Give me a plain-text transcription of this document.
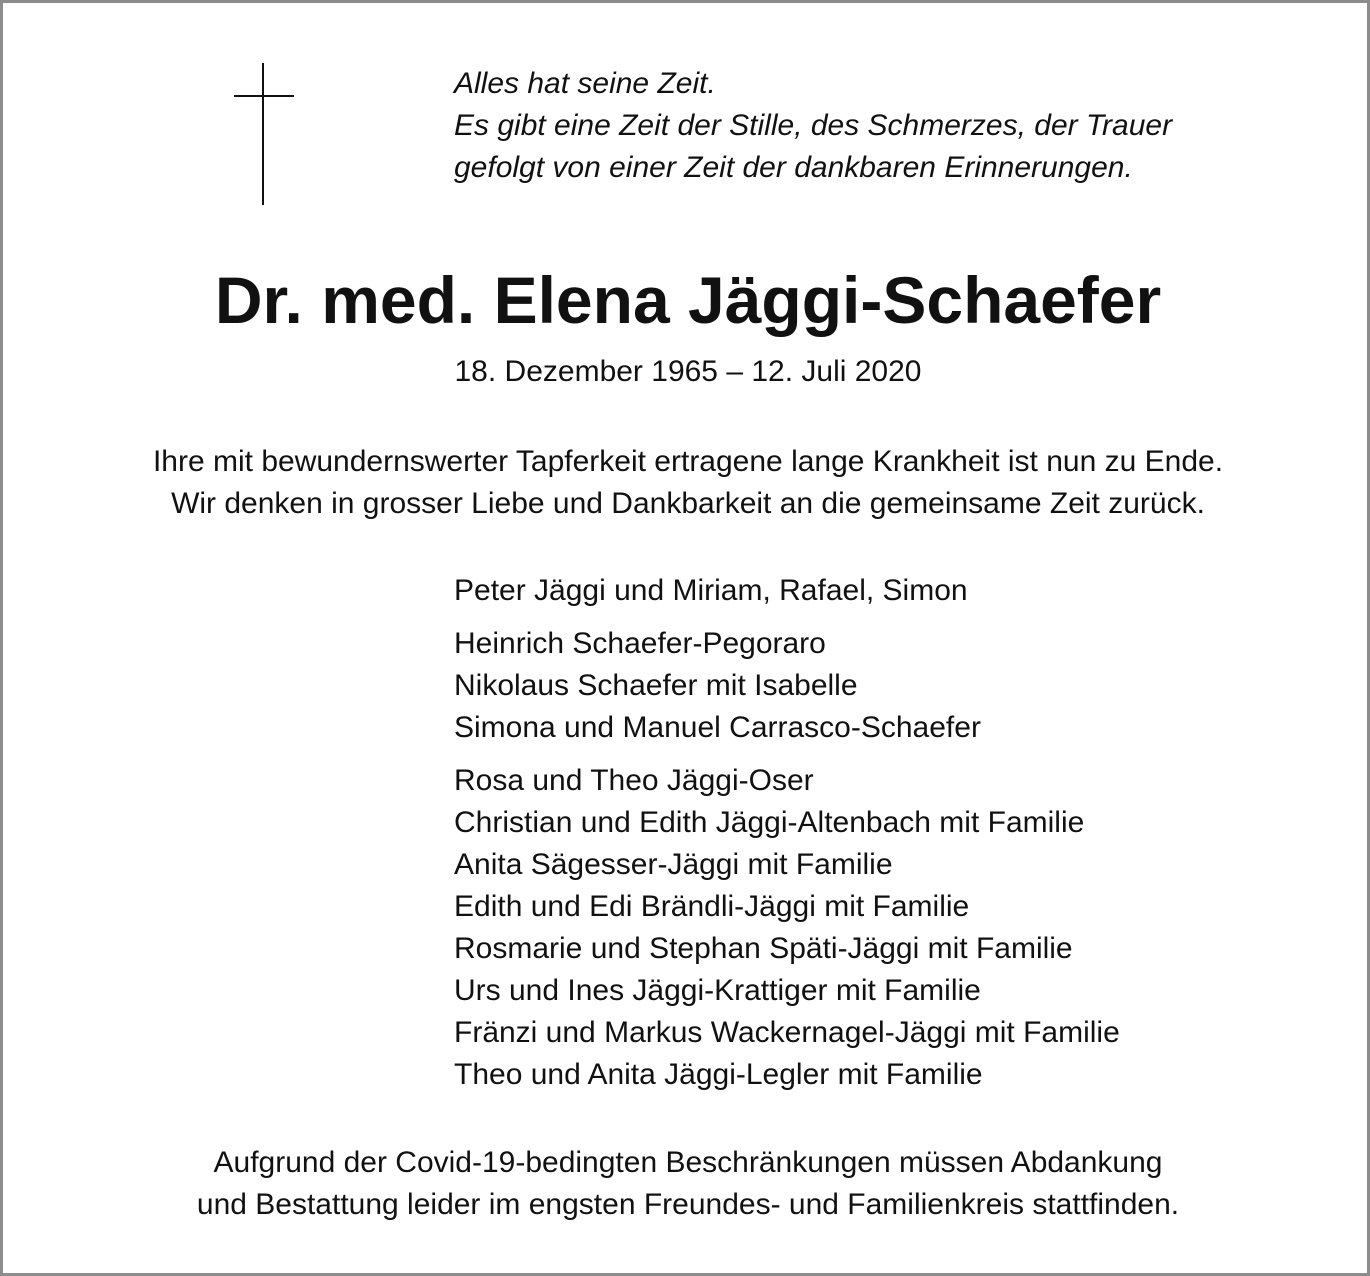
Alles hat seine Zeit.
Es gibt eine Zeit der Stille, des Schmerzes, der Trauer
gefolgt von einer Zeit der dankbaren Erinnerungen.
Dr. med. Elena Jäggi-Schaefer
18. Dezember 1965 – 12. Juli 2020
Ihre mit bewundernswerter Tapferkeit ertragene lange Krankheit ist nun zu Ende.
Wir denken in grosser Liebe und Dankbarkeit an die gemeinsame Zeit zurück.
Peter Jäggi und Miriam, Rafael, Simon
Heinrich Schaefer-Pegoraro
Nikolaus Schaefer mit Isabelle
Simona und Manuel Carrasco-Schaefer
Rosa und Theo Jäggi-Oser
Christian und Edith Jäggi-Altenbach mit Familie
Anita Sägesser-Jäggi mit Familie
Edith und Edi Brändli-Jäggi mit Familie
Rosmarie und Stephan Späti-Jäggi mit Familie
Urs und Ines Jäggi-Krattiger mit Familie
Fränzi und Markus Wackernagel-Jäggi mit Familie
Theo und Anita Jäggi-Legler mit Familie
Aufgrund der Covid-19-bedingten Beschränkungen müssen Abdankung
und Bestattung leider im engsten Freundes- und Familienkreis stattfinden.
